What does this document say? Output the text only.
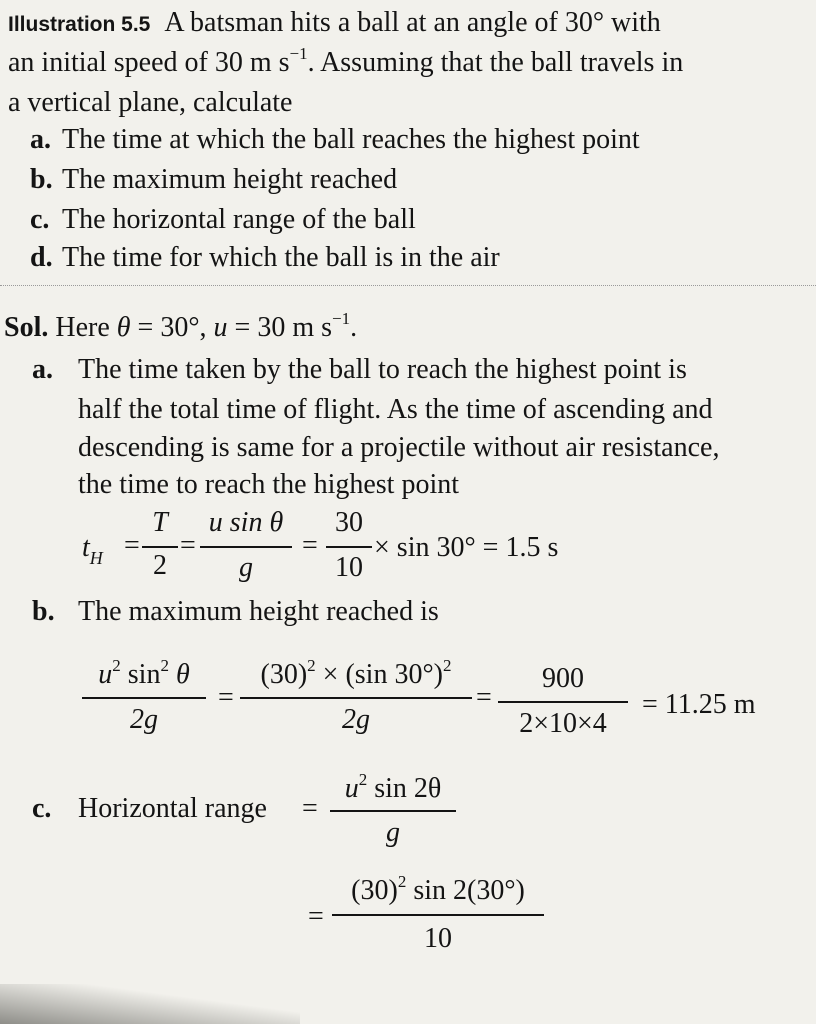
Illustration 5.5 A batsman hits a ball at an angle of 30° with
an initial speed of 30 m $s^{-1}$. Assuming that the ball travels in
a vertical plane, calculate
a. The time at which the ball reaches the highest point
b. The maximum height reached
c. The horizontal range of the ball
d. The time for which the ball is in the air
Sol. Here θ = 30°, u = 30 m $s^{-1}$.
a. The time taken by the ball to reach the highest point is
half the total time of flight. As the time of ascending and
descending is same for a projectile without air resistance,
the time to reach the highest point
$t_H$ =
T
2
=
u sin θ
g
=
30
10
× sin 30° = 1.5 s
b. The maximum height reached is
$u^2$ $\sin^2 \theta$
2g
=
$(30)^2 \times (\sin$ 30°)$^2$
2g
=
900
2×10×4
= 11.25 m
c. Horizontal range =
$u^2$ sin 2θ
g
=
$(30)^2$ sin 2(30°)
10
